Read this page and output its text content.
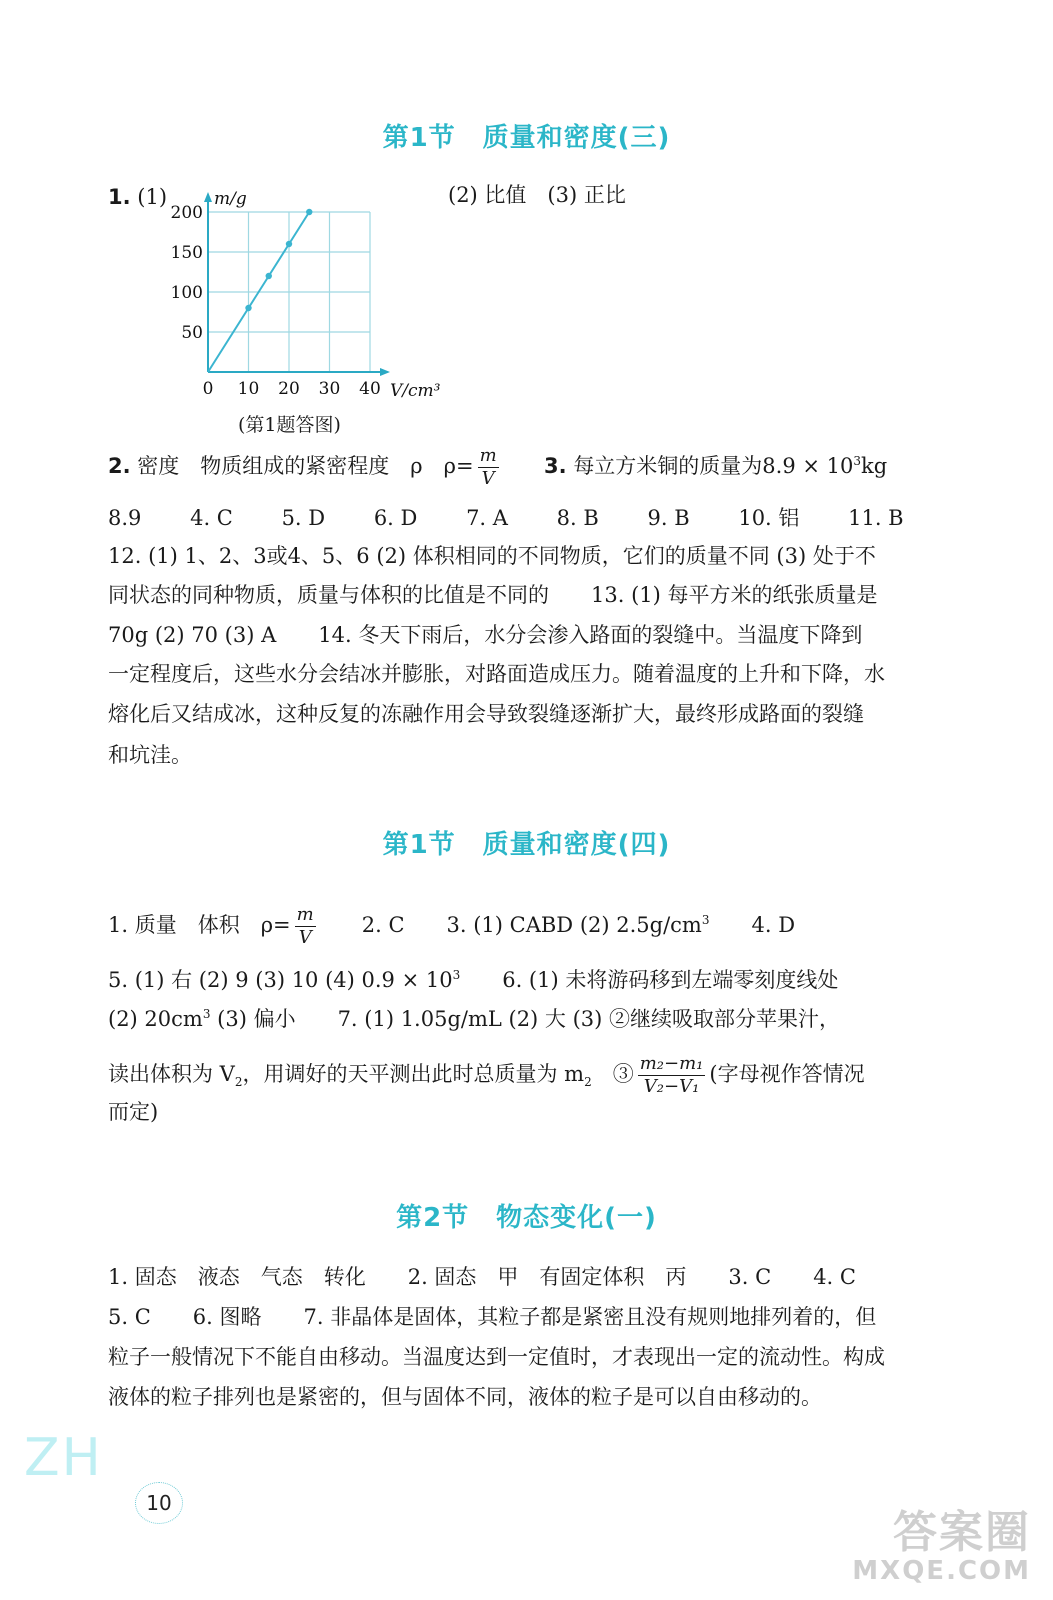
第1节　质量和密度(三)
1. (1)	(2) 比值　(3) 正比
0 10 20 30 40
50
100
150
200
m/g
V/cm³
(第1题答图)
2. 密度　物质组成的紧密程度　ρ　$\rho= \frac{m}{V} 3$. 每立方米铜的质量为$8.9 \times 10^3kg$
8.9 4. C 5. D 6. D 7. A 8. B 9. B 10. 铝 11. B
12. (1) 1、2、3或4、5、6 (2) 体积相同的不同物质，它们的质量不同 (3) 处于不
同状态的同种物质，质量与体积的比值是不同的　　13. (1) 每平方米的纸张质量是
70g (2) 70 (3) A　　14. 冬天下雨后，水分会渗入路面的裂缝中。当温度下降到
一定程度后，这些水分会结冰并膨胀，对路面造成压力。随着温度的上升和下降，水
熔化后又结成冰，这种反复的冻融作用会导致裂缝逐渐扩大，最终形成路面的裂缝
和坑洼。
第1节　质量和密度(四)
1. 质量　体积　$\rho= \frac{m}{V}$ 　　2. C　　3. (1) CABD (2) $2.5g/cm^3$　　4. D
5. (1) 右 (2) 9 (3) 10 (4) $0.9 \times 10^3$　　6. (1) 未将游码移到左端零刻度线处
(2) $20cm^3$ (3) 偏小　　7. (1) 1.05g/mL (2) 大 (3) ②继续吸取部分苹果汁，
读出体积为 $V_2$，用调好的天平测出此时总质量为 $m_2$　③ $\frac{\text{m₂−m₁}}{\text{V₂−V₁}}$ (字母视作答情况
而定)
第2节　物态变化(一)
1. 固态　液态　气态　转化　　2. 固态　甲　有固定体积　丙　　3. C　　4. C
5. C　　6. 图略　　7. 非晶体是固体，其粒子都是紧密且没有规则地排列着的，但
粒子一般情况下不能自由移动。当温度达到一定值时，才表现出一定的流动性。构成
液体的粒子排列也是紧密的，但与固体不同，液体的粒子是可以自由移动的。
ZH
10
答案圈
MXQE.COM
